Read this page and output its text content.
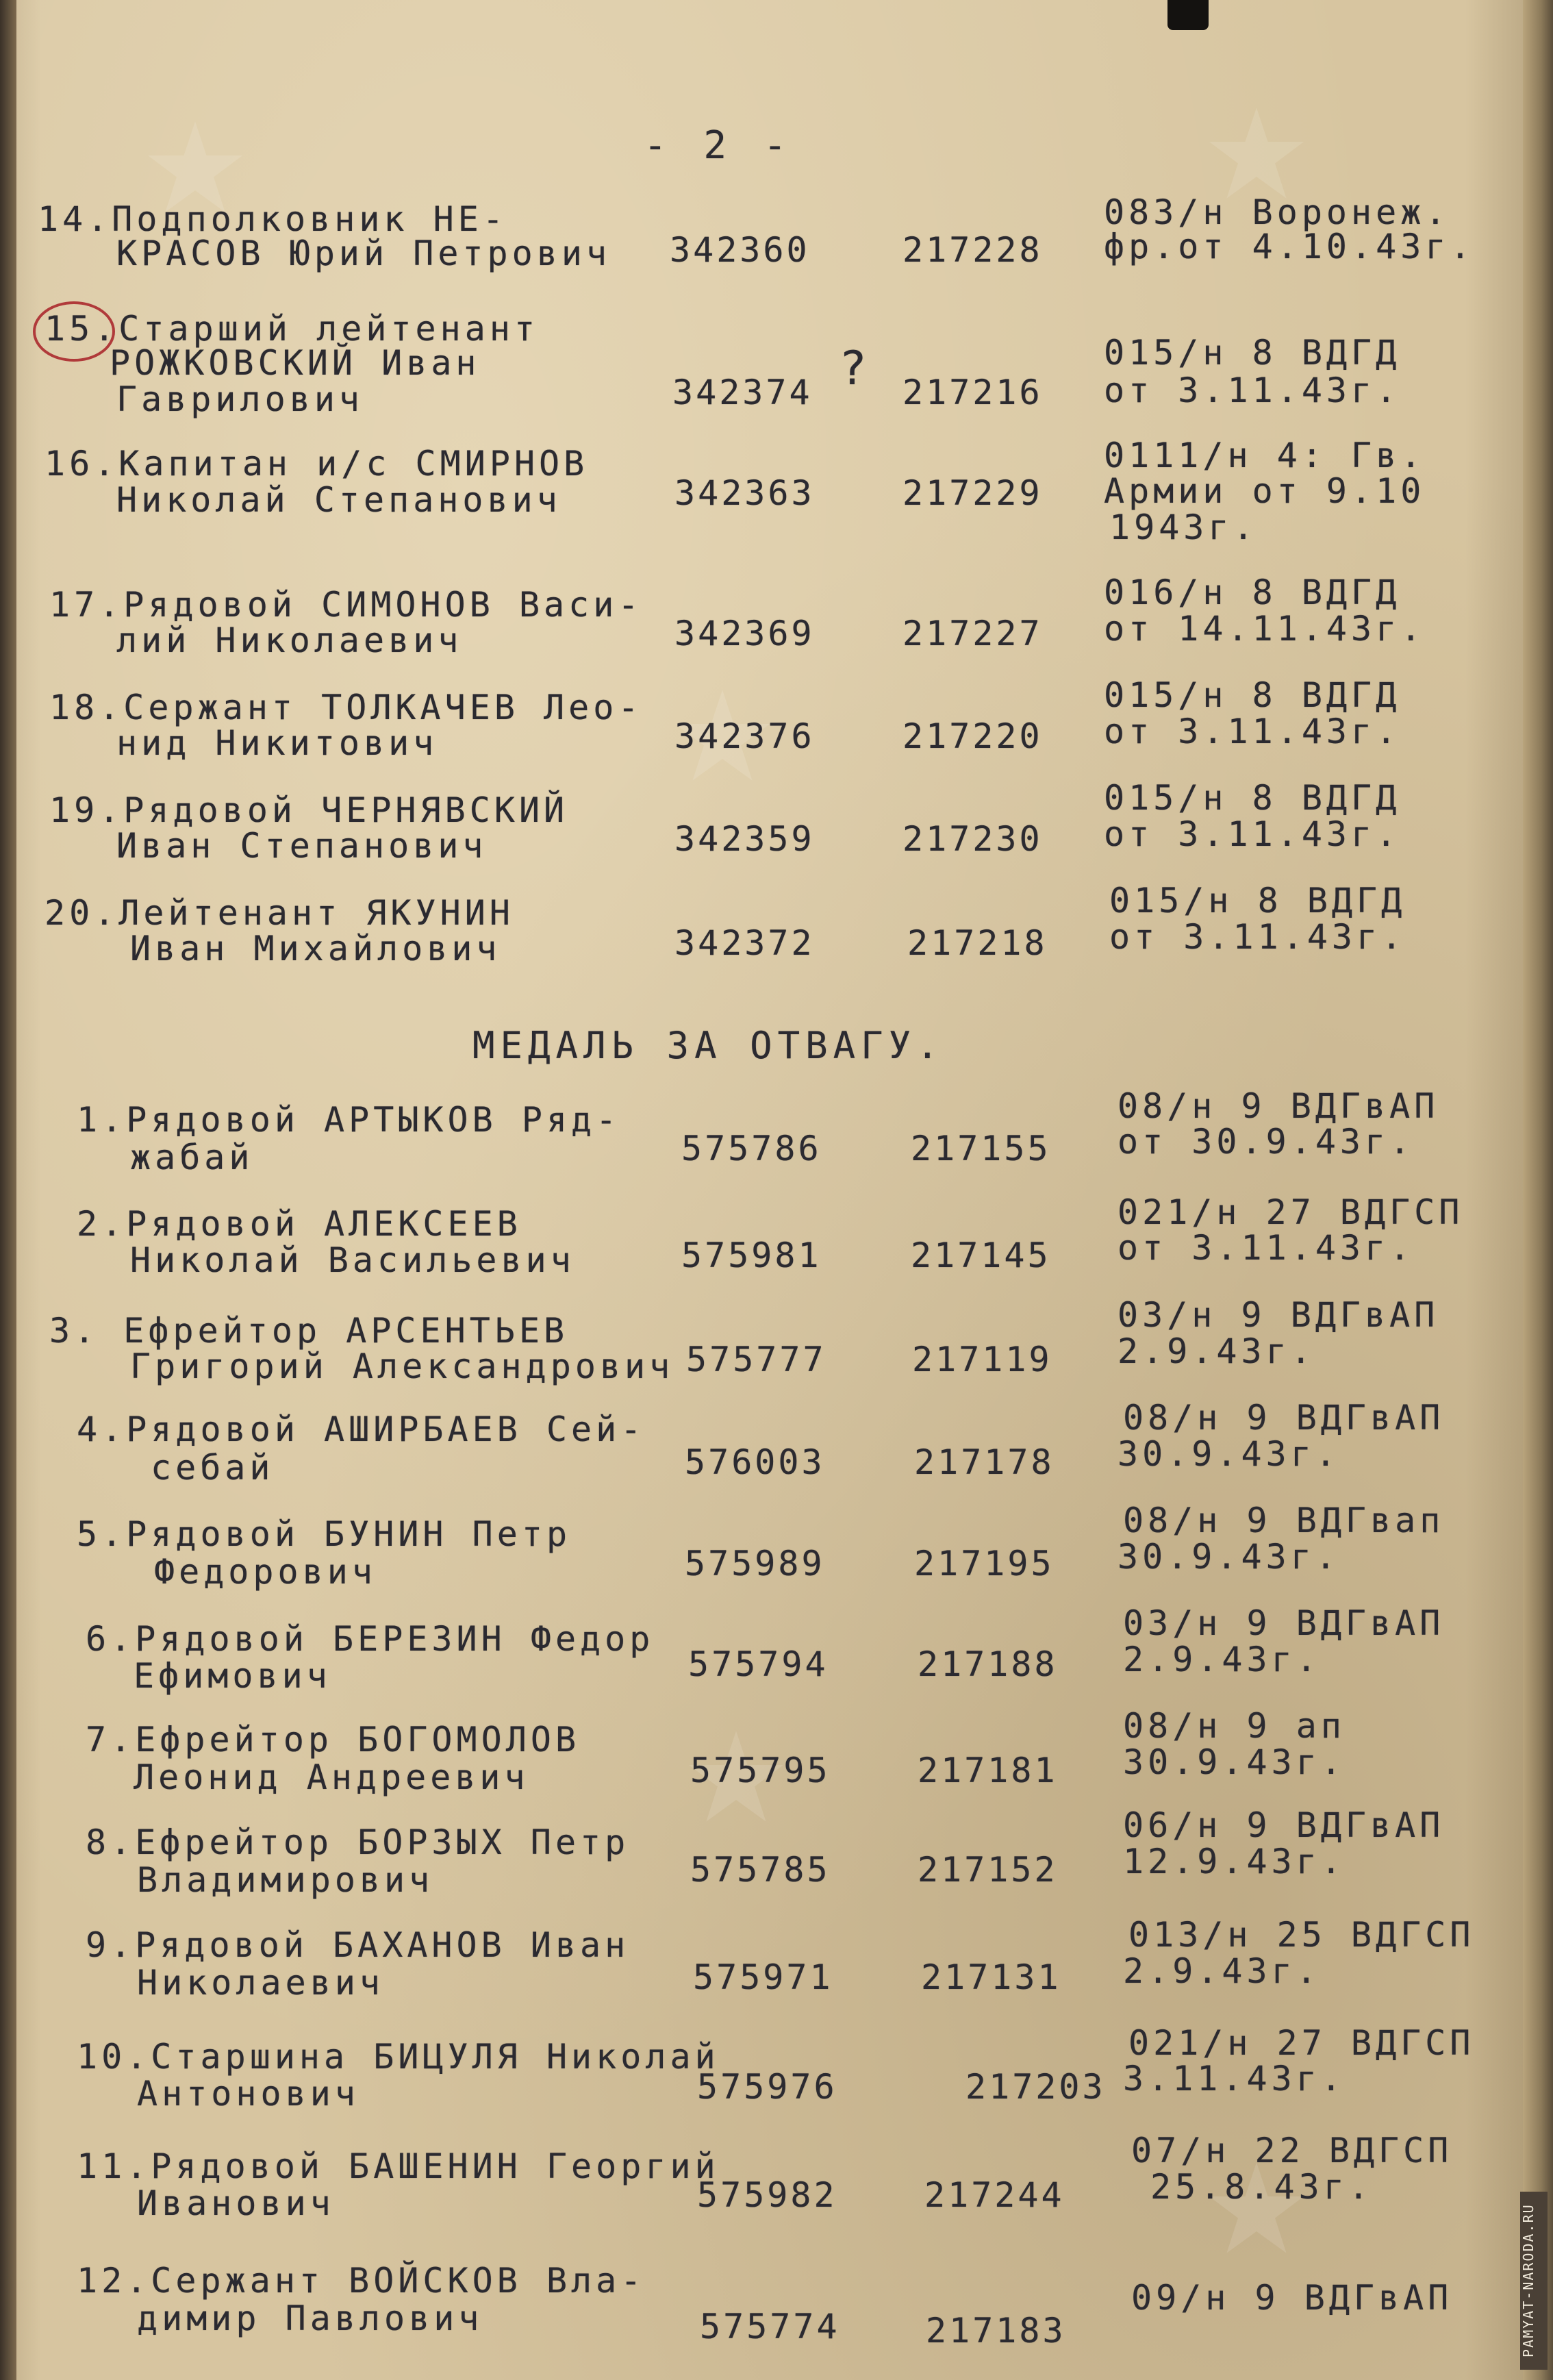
- 2 -
?
14.Подполковник НЕ-
КРАСОВ Юрий Петрович 342360	217228
083/н Воронеж.
фр.от 4.10.43г.
15.Старший лейтенант
РОЖКОВСКИЙ Иван
Гаврилович	342374	217216
015/н 8 ВДГД
от 3.11.43г.
16.Капитан и/с СМИРНОВ
Николай Степанович	342363	217229
0111/н 4: Гв.
Армии от 9.10
1943г.
17.Рядовой СИМОНОВ Васи-
лий Николаевич	342369	217227
016/н 8 ВДГД
от 14.11.43г.
18.Сержант ТОЛКАЧЕВ Лео-
нид Никитович	342376	217220
015/н 8 ВДГД
от 3.11.43г.
19.Рядовой ЧЕРНЯВСКИЙ
Иван Степанович	342359	217230
015/н 8 ВДГД
от 3.11.43г.
20.Лейтенант ЯКУНИН
Иван Михайлович	342372	217218
015/н 8 ВДГД
от 3.11.43г.
МЕДАЛЬ ЗА ОТВАГУ.
1.Рядовой АРТЫКОВ Ряд-
жабай	575786	217155
08/н 9 ВДГвАП
от 30.9.43г.
2.Рядовой АЛЕКСЕЕВ
Николай Васильевич	575981	217145
021/н 27 ВДГСП
от 3.11.43г.
3. Ефрейтор АРСЕНТЬЕВ
Григорий Александрович 575777	217119
03/н 9 ВДГвАП
2.9.43г.
4.Рядовой АШИРБАЕВ Сей-
себай	576003	217178
08/н 9 ВДГвАП
30.9.43г.
5.Рядовой БУНИН Петр
Федорович	575989	217195
08/н 9 ВДГвап
30.9.43г.
6.Рядовой БЕРЕЗИН Федор
Ефимович	575794	217188
03/н 9 ВДГвАП
2.9.43г.
7.Ефрейтор БОГОМОЛОВ
Леонид Андреевич	575795	217181
08/н 9 ап
30.9.43г.
8.Ефрейтор БОРЗЫХ Петр
Владимирович	575785	217152
06/н 9 ВДГвАП
12.9.43г.
9.Рядовой БАХАНОВ Иван
Николаевич	575971	217131
013/н 25 ВДГСП
2.9.43г.
10.Старшина БИЦУЛЯ Николай
Антонович	575976	217203
021/н 27 ВДГСП
3.11.43г.
11.Рядовой БАШЕНИН Георгий
Иванович	575982	217244
07/н 22 ВДГСП
25.8.43г.
12.Сержант ВОЙСКОВ Вла-
димир Павлович	575774	217183
09/н 9 ВДГвАП	PAMYAT-NARODA.RU
